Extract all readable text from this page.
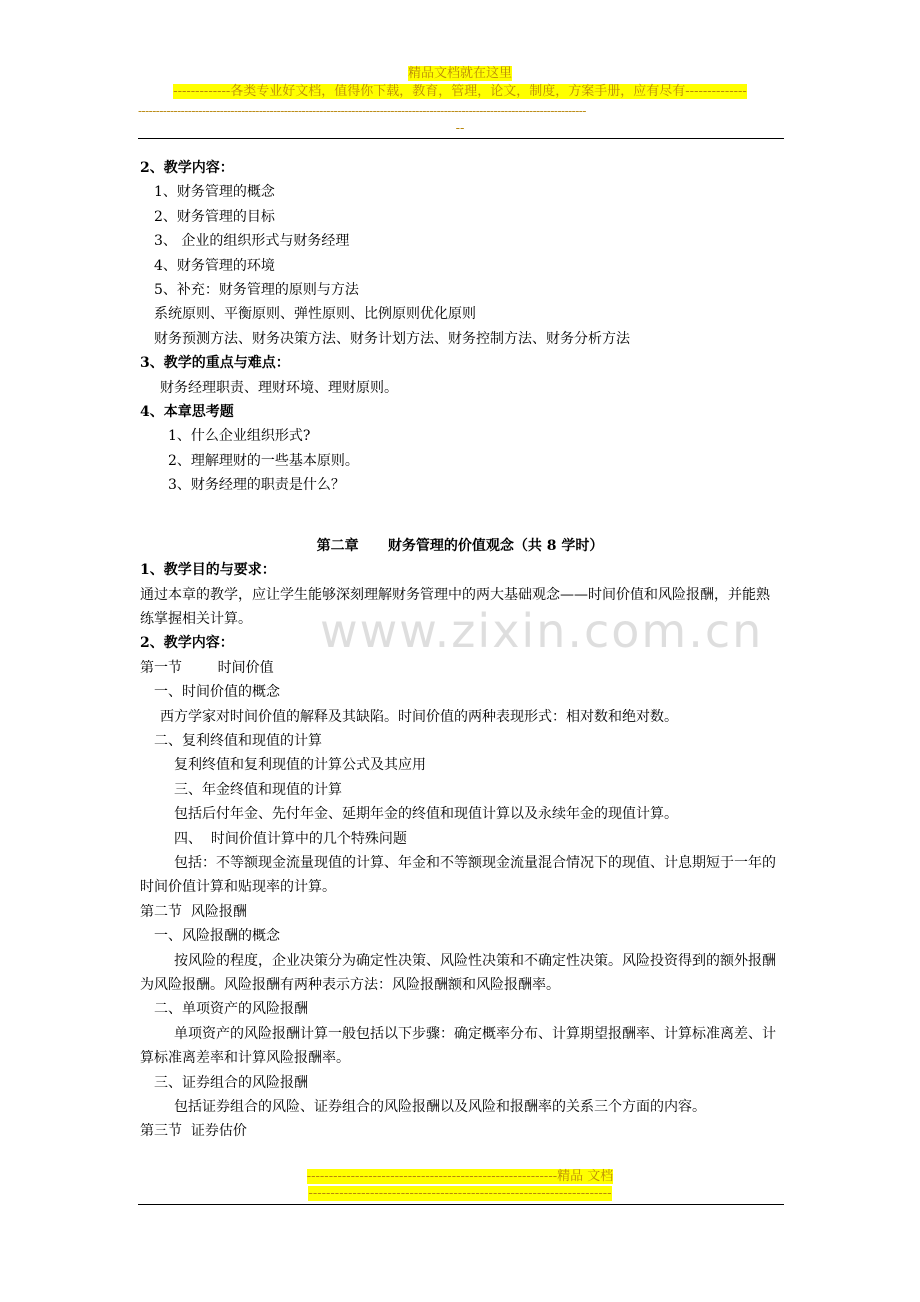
精品文档就在这里
-------------各类专业好文档，值得你下载，教育，管理，论文，制度，方案手册，应有尽有--------------
------------------------------------------------------------------------------------------------------------------------------
--
www.zixin.com.cn
2、教学内容：
1、财务管理的概念
2、财务管理的目标
3、 企业的组织形式与财务经理
4、财务管理的环境
5、补充：财务管理的原则与方法
系统原则、平衡原则、弹性原则、比例原则优化原则
财务预测方法、财务决策方法、财务计划方法、财务控制方法、财务分析方法
3、教学的重点与难点：
财务经理职责、理财环境、理财原则。
4、本章思考题
1、什么企业组织形式?
2、理解理财的一些基本原则。
3、财务经理的职责是什么？
第二章      财务管理的价值观念（共 8 学时）
1、教学目的与要求：
通过本章的教学，应让学生能够深刻理解财务管理中的两大基础观念——时间价值和风险报酬，并能熟练掌握相关计算。
2、教学内容：
第一节        时间价值
一、时间价值的概念
西方学家对时间价值的解释及其缺陷。时间价值的两种表现形式：相对数和绝对数。
二、复利终值和现值的计算
复利终值和复利现值的计算公式及其应用
三、年金终值和现值的计算
包括后付年金、先付年金、延期年金的终值和现值计算以及永续年金的现值计算。
四、  时间价值计算中的几个特殊问题
包括：不等额现金流量现值的计算、年金和不等额现金流量混合情况下的现值、计息期短于一年的时间价值计算和贴现率的计算。
第二节  风险报酬
一、风险报酬的概念
按风险的程度，企业决策分为确定性决策、风险性决策和不确定性决策。风险投资得到的额外报酬为风险报酬。风险报酬有两种表示方法：风险报酬额和风险报酬率。
二、单项资产的风险报酬
单项资产的风险报酬计算一般包括以下步骤：确定概率分布、计算期望报酬率、计算标准离差、计算标准离差率和计算风险报酬率。
三、证券组合的风险报酬
包括证券组合的风险、证券组合的风险报酬以及风险和报酬率的关系三个方面的内容。
第三节  证券估价
---------------------------------------------------------精品 文档
---------------------------------------------------------------------
